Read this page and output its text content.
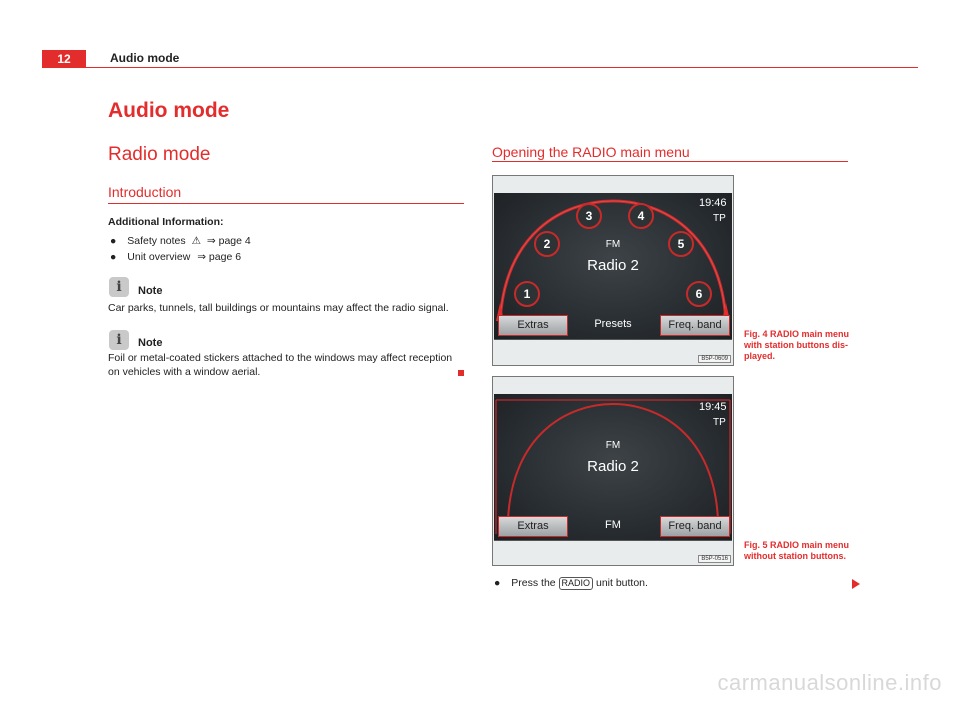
12	Audio mode
Audio mode
Radio mode
Introduction
Additional Information:
● Safety notes ⚠ ⇒ page 4
● Unit overview ⇒ page 6
i	Note
Car parks, tunnels, tall buildings or mountains may affect the radio signal.
i	Note
Foil or metal-coated stickers attached to the windows may affect reception
on vehicles with a window aerial.
Opening the RADIO main menu
1
2
3	4
5
6
19:46
TP
FM
Radio 2
Extras	Presets	Freq. band
B5P-0609
Fig. 4 RADIO main menu
with station buttons dis-
played.
19:45
TP
FM
Radio 2
Extras	FM	Freq. band
B5P-0516
Fig. 5 RADIO main menu
without station buttons.
● Press the RADIO unit button.
carmanualsonline.info
